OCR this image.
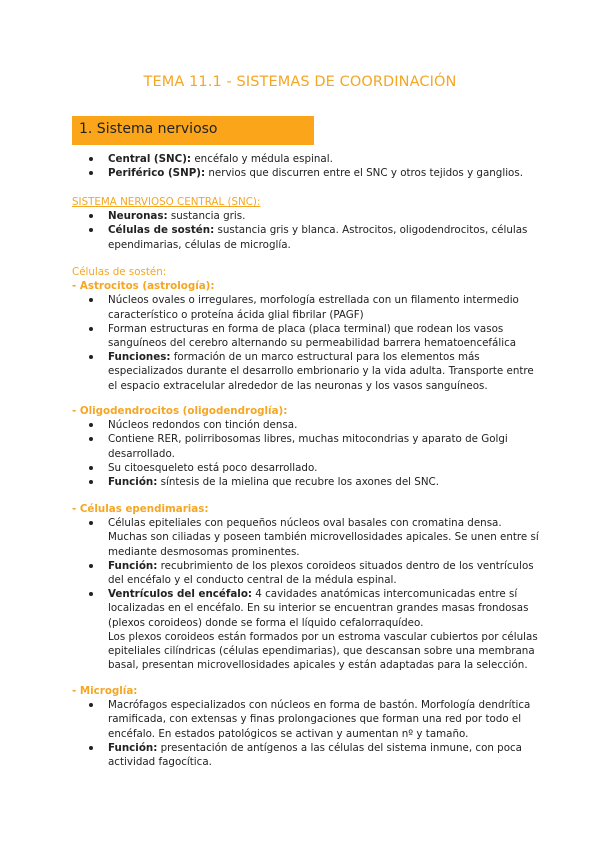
TEMA 11.1 - SISTEMAS DE COORDINACIÓN
1. Sistema nervioso
Central (SNC): encéfalo y médula espinal.
Periférico (SNP): nervios que discurren entre el SNC y otros tejidos y ganglios.
SISTEMA NERVIOSO CENTRAL (SNC):
Neuronas: sustancia gris.
Células de sostén: sustancia gris y blanca. Astrocitos, oligodendrocitos, células ependimarias, células de microglía.
Células de sostén:
- Astrocitos (astrología):
Núcleos ovales o irregulares, morfología estrellada con un filamento intermedio característico o proteína ácida glial fibrilar (PAGF)
Forman estructuras en forma de placa (placa terminal) que rodean los vasos sanguíneos del cerebro alternando su permeabilidad barrera hematoencefálica
Funciones: formación de un marco estructural para los elementos más especializados durante el desarrollo embrionario y la vida adulta. Transporte entre el espacio extracelular alrededor de las neuronas y los vasos sanguíneos.
- Oligodendrocitos (oligodendroglía):
Núcleos redondos con tinción densa.
Contiene RER, polirribosomas libres, muchas mitocondrias y aparato de Golgi desarrollado.
Su citoesqueleto está poco desarrollado.
Función: síntesis de la mielina que recubre los axones del SNC.
- Células ependimarias:
Células epiteliales con pequeños núcleos oval basales con cromatina densa. Muchas son ciliadas y poseen también microvellosidades apicales. Se unen entre sí mediante desmosomas prominentes.
Función: recubrimiento de los plexos coroideos situados dentro de los ventrículos del encéfalo y el conducto central de la médula espinal.
Ventrículos del encéfalo: 4 cavidades anatómicas intercomunicadas entre sí localizadas en el encéfalo. En su interior se encuentran grandes masas frondosas (plexos coroideos) donde se forma el líquido cefalorraquídeo.
Los plexos coroideos están formados por un estroma vascular cubiertos por células epiteliales cilíndricas (células ependimarias), que descansan sobre una membrana basal, presentan microvellosidades apicales y están adaptadas para la selección.
- Microglía:
Macrófagos especializados con núcleos en forma de bastón. Morfología dendrítica ramificada, con extensas y finas prolongaciones que forman una red por todo el encéfalo. En estados patológicos se activan y aumentan nº y tamaño.
Función: presentación de antígenos a las células del sistema inmune, con poca actividad fagocítica.
